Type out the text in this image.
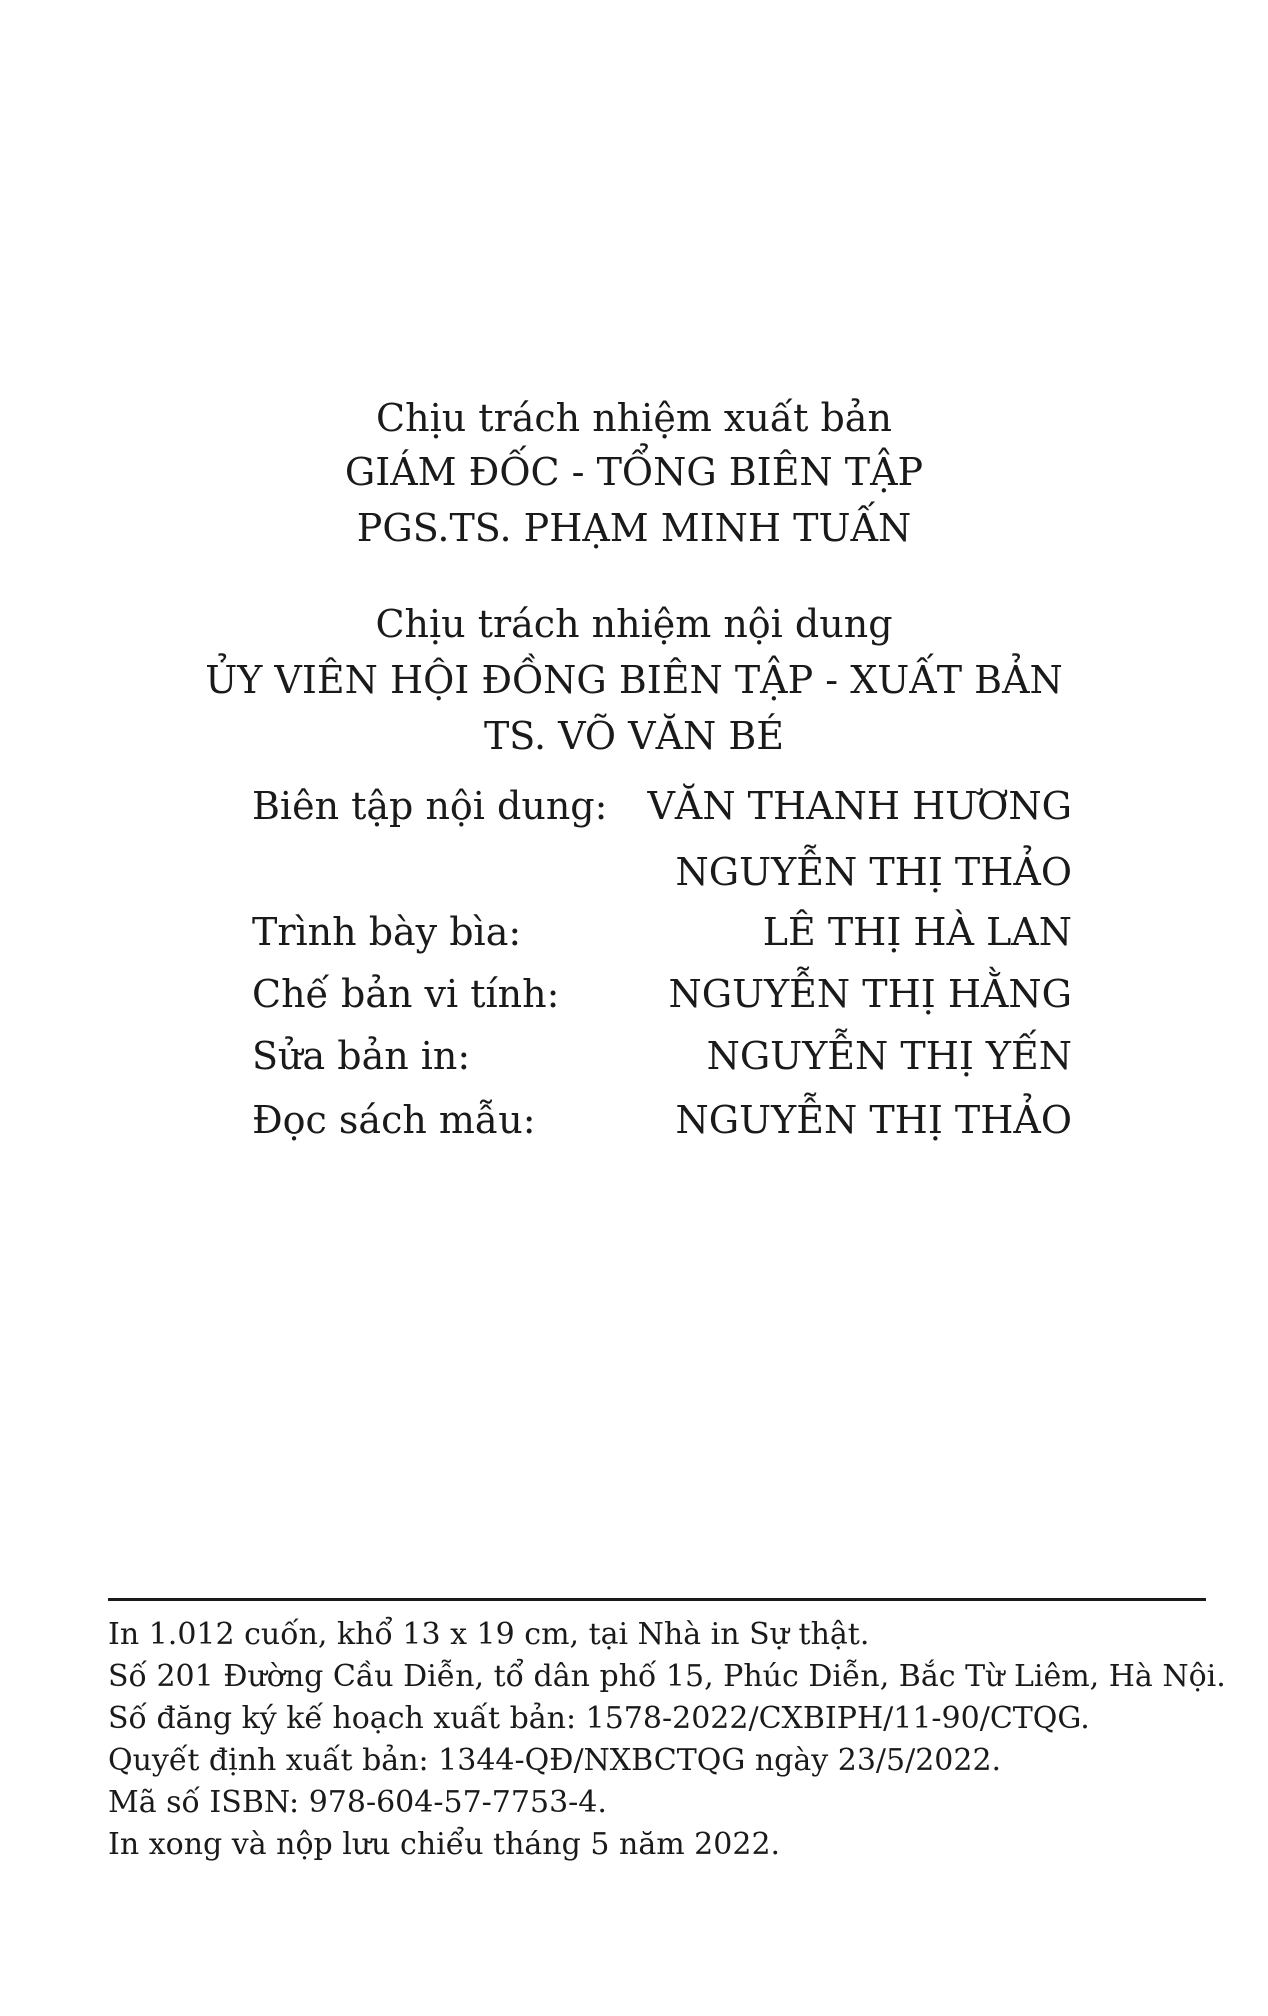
Chịu trách nhiệm xuất bản
GIÁM ĐỐC - TỔNG BIÊN TẬP
PGS.TS. PHẠM MINH TUẤN
Chịu trách nhiệm nội dung
ỦY VIÊN HỘI ĐỒNG BIÊN TẬP - XUẤT BẢN
TS. VÕ VĂN BÉ
Biên tập nội dung: VĂN THANH HƯƠNG
NGUYỄN THỊ THẢO
Trình bày bìa:	LÊ THỊ HÀ LAN
Chế bản vi tính:	NGUYỄN THỊ HẰNG
Sửa bản in:	NGUYỄN THỊ YẾN
Đọc sách mẫu:	NGUYỄN THỊ THẢO
In 1.012 cuốn, khổ 13 x 19 cm, tại Nhà in Sự thật.
Số 201 Đường Cầu Diễn, tổ dân phố 15, Phúc Diễn, Bắc Từ Liêm, Hà Nội.
Số đăng ký kế hoạch xuất bản: 1578-2022/CXBIPH/11-90/CTQG.
Quyết định xuất bản: 1344-QĐ/NXBCTQG ngày 23/5/2022.
Mã số ISBN: 978-604-57-7753-4.
In xong và nộp lưu chiểu tháng 5 năm 2022.
